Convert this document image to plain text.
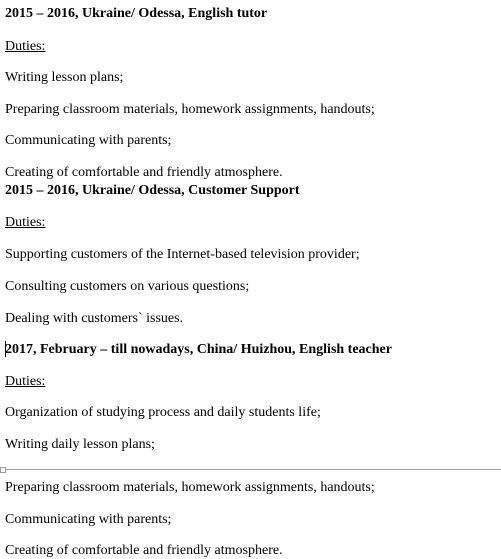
2015 – 2016, Ukraine/ Odessa, English tutor
Duties:
Writing lesson plans;
Preparing classroom materials, homework assignments, handouts;
Communicating with parents;
Creating of comfortable and friendly atmosphere.
2015 – 2016, Ukraine/ Odessa, Customer Support
Duties:
Supporting customers of the Internet-based television provider;
Consulting customers on various questions;
Dealing with customers` issues.
2017, February – till nowadays, China/ Huizhou, English teacher
Duties:
Organization of studying process and daily students life;
Writing daily lesson plans;
Preparing classroom materials, homework assignments, handouts;
Communicating with parents;
Creating of comfortable and friendly atmosphere.
